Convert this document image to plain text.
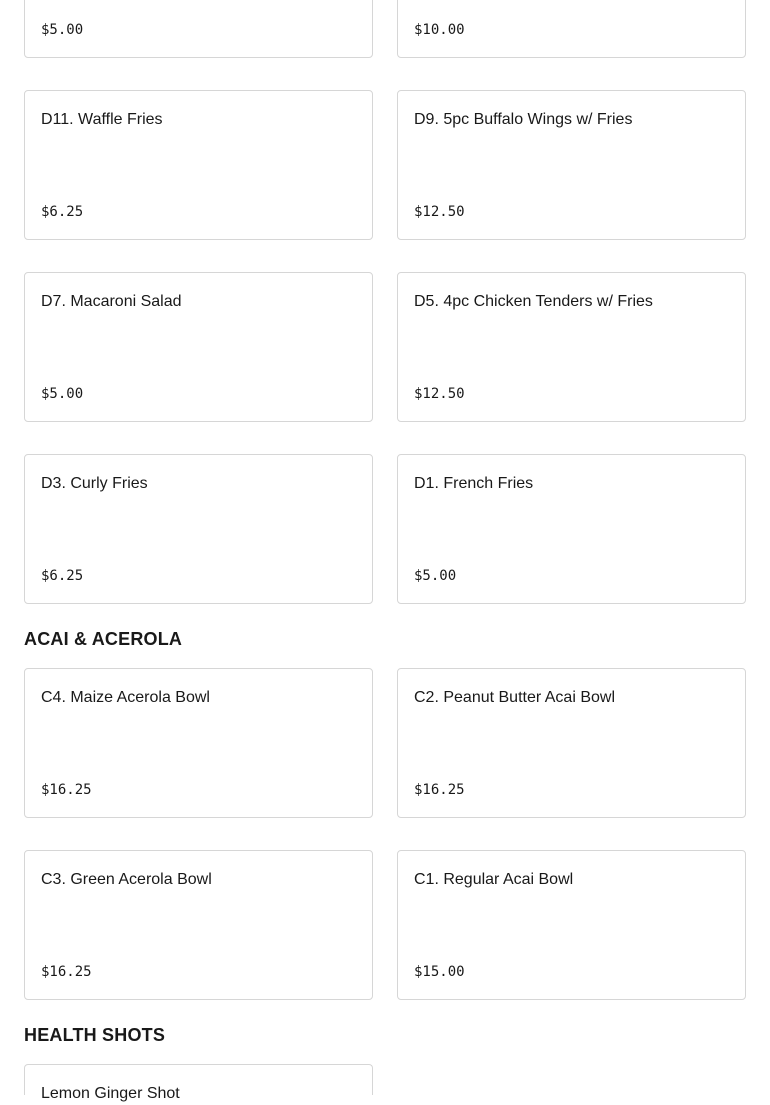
$5.00	$10.00
D11. Waffle Fries
$6.25
D9. 5pc Buffalo Wings w/ Fries
$12.50
D7. Macaroni Salad
$5.00
D5. 4pc Chicken Tenders w/ Fries
$12.50
D3. Curly Fries
$6.25
D1. French Fries
$5.00
ACAI & ACEROLA
C4. Maize Acerola Bowl
$16.25
C2. Peanut Butter Acai Bowl
$16.25
C3. Green Acerola Bowl
$16.25
C1. Regular Acai Bowl
$15.00
HEALTH SHOTS
Lemon Ginger Shot
